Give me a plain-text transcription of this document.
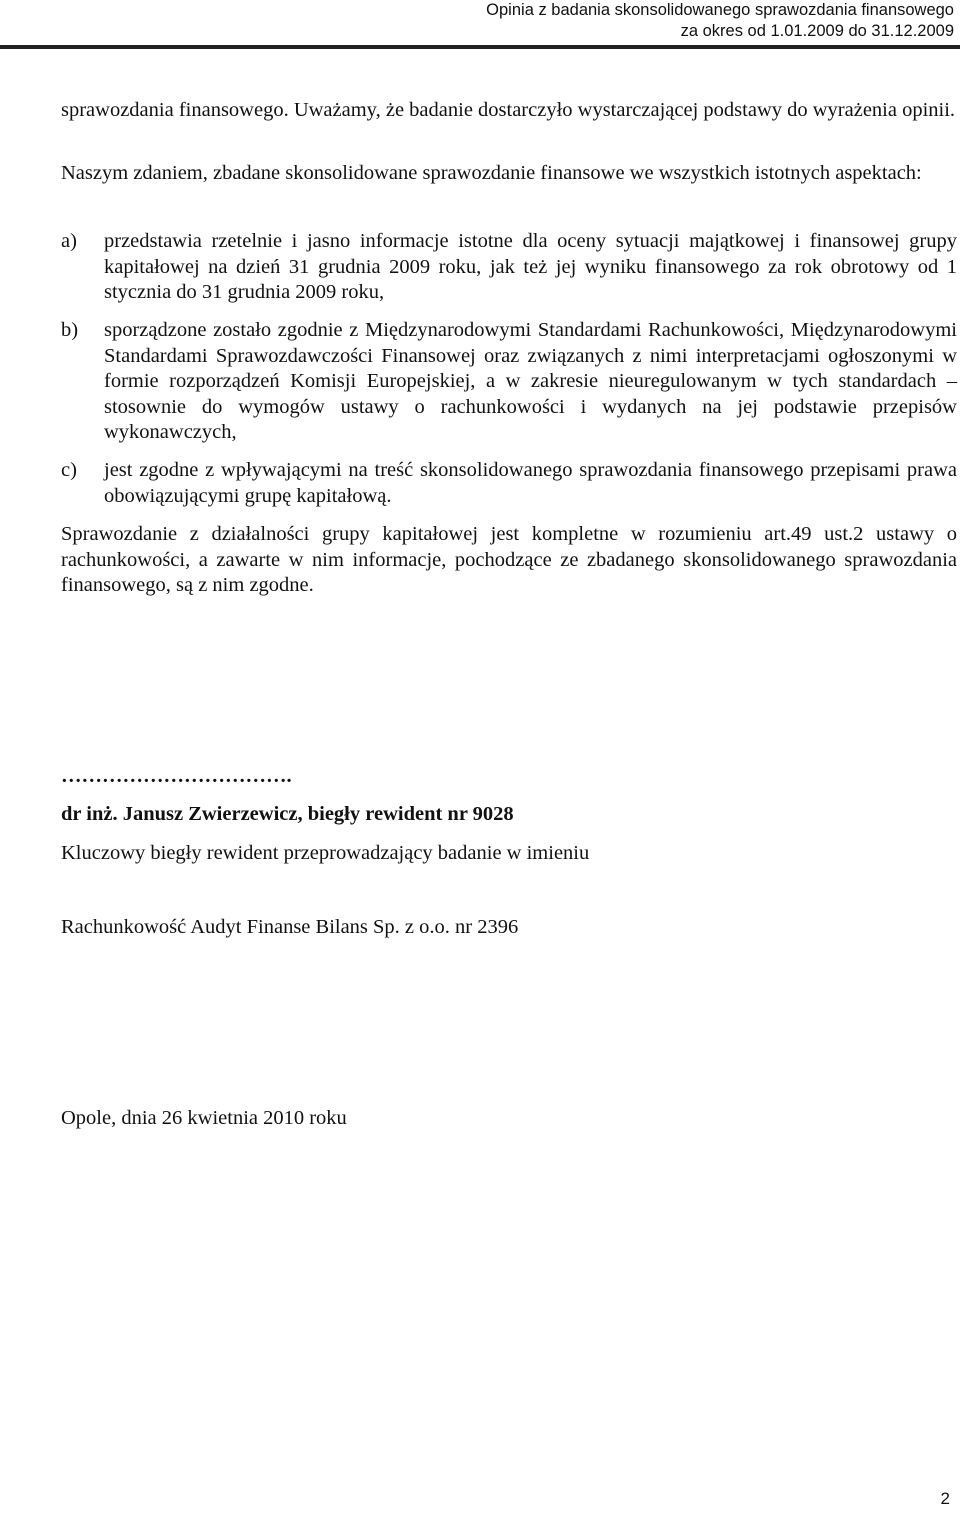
Opinia z badania skonsolidowanego sprawozdania finansowego
za okres od 1.01.2009 do 31.12.2009

sprawozdania finansowego. Uważamy, że badanie dostarczyło wystarczającej podstawy do wyrażenia opinii.

Naszym zdaniem, zbadane skonsolidowane sprawozdanie finansowe we wszystkich istotnych aspektach:

a) przedstawia rzetelnie i jasno informacje istotne dla oceny sytuacji majątkowej i finansowej grupy kapitałowej na dzień 31 grudnia 2009 roku, jak też jej wyniku finansowego za rok obrotowy od 1 stycznia do 31 grudnia 2009 roku,
b) sporządzone zostało zgodnie z Międzynarodowymi Standardami Rachunkowości, Międzynarodowymi Standardami Sprawozdawczości Finansowej oraz związanych z nimi interpretacjami ogłoszonymi w formie rozporządzeń Komisji Europejskiej, a w zakresie nieuregulowanym w tych standardach – stosownie do wymogów ustawy o rachunkowości i wydanych na jej podstawie przepisów wykonawczych,
c) jest zgodne z wpływającymi na treść skonsolidowanego sprawozdania finansowego przepisami prawa obowiązującymi grupę kapitałową.

Sprawozdanie z działalności grupy kapitałowej jest kompletne w rozumieniu art.49 ust.2 ustawy o rachunkowości, a zawarte w nim informacje, pochodzące ze zbadanego skonsolidowanego sprawozdania finansowego, są z nim zgodne.

…………………………….

dr inż. Janusz Zwierzewicz, biegły rewident nr 9028

Kluczowy biegły rewident przeprowadzający badanie w imieniu

Rachunkowość Audyt Finanse Bilans Sp. z o.o. nr 2396

Opole, dnia 26 kwietnia 2010 roku

2
